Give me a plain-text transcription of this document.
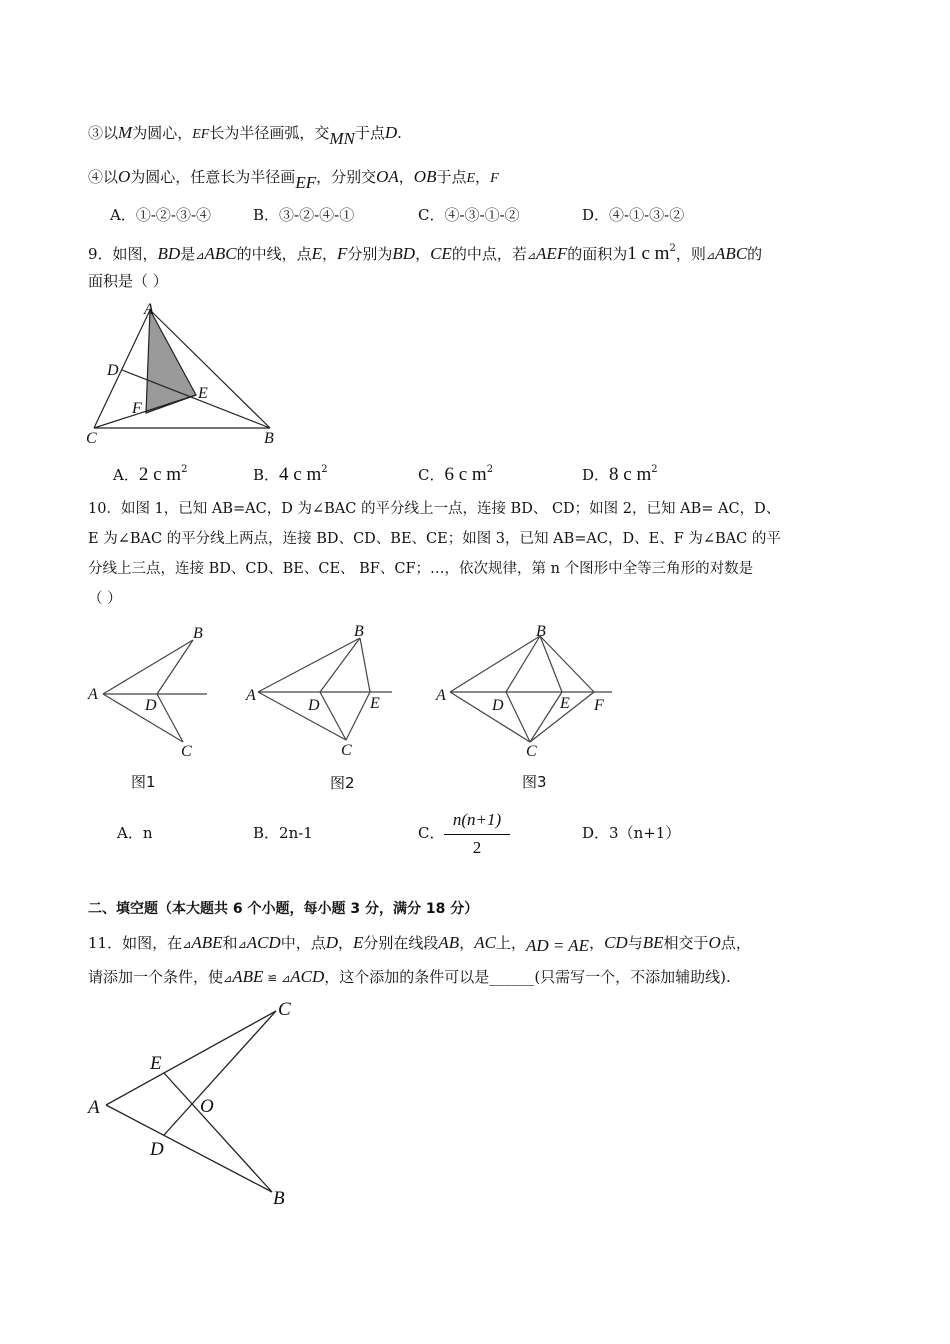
③以M为圆心，EF长为半径画弧，交MN于点D.
④以O为圆心，任意长为半径画EF，分别交OA，OB于点E，F
A．①-②-③-④	B．③-②-④-①	C．④-③-①-②	D．④-①-③-②
9．如图，BD是⊿ABC的中线，点E，F分别为BD，CE的中点，若⊿AEF的面积为1 c $m^2$，则⊿ABC的
面积是（ ）
A
B
C
D
E
F
A．2 c $m^2$	B．4 c $m^2$	C．6 c $m^2$	D．8 c $m^2$
10．如图 1，已知 AB=AC，D 为∠BAC 的平分线上一点，连接 BD、 CD；如图 2，已知 AB= AC，D、
E 为∠BAC 的平分线上两点，连接 BD、CD、BE、CE；如图 3，已知 AB=AC，D、E、F 为∠BAC 的平
分线上三点，连接 BD、CD、BE、CE、 BF、CF；…，依次规律，第 n 个图形中全等三角形的对数是
（ ）
A
B
C
D
图1
A
B
C
D	E
图2
A
B
C
D	E F
图3
A．n	B．2n-1	C．
n(n+1)
2
D．3（n+1）
二、填空题（本大题共 6 个小题，每小题 3 分，满分 18 分）
11．如图，在⊿ABE和⊿ACD中，点D，E分别在线段AB，AC上，AD = AE，CD与BE相交于O点，
请添加一个条件，使⊿ABE ≌ ⊿ACD，这个添加的条件可以是______(只需写一个，不添加辅助线).
C
E
A	O
D
B
